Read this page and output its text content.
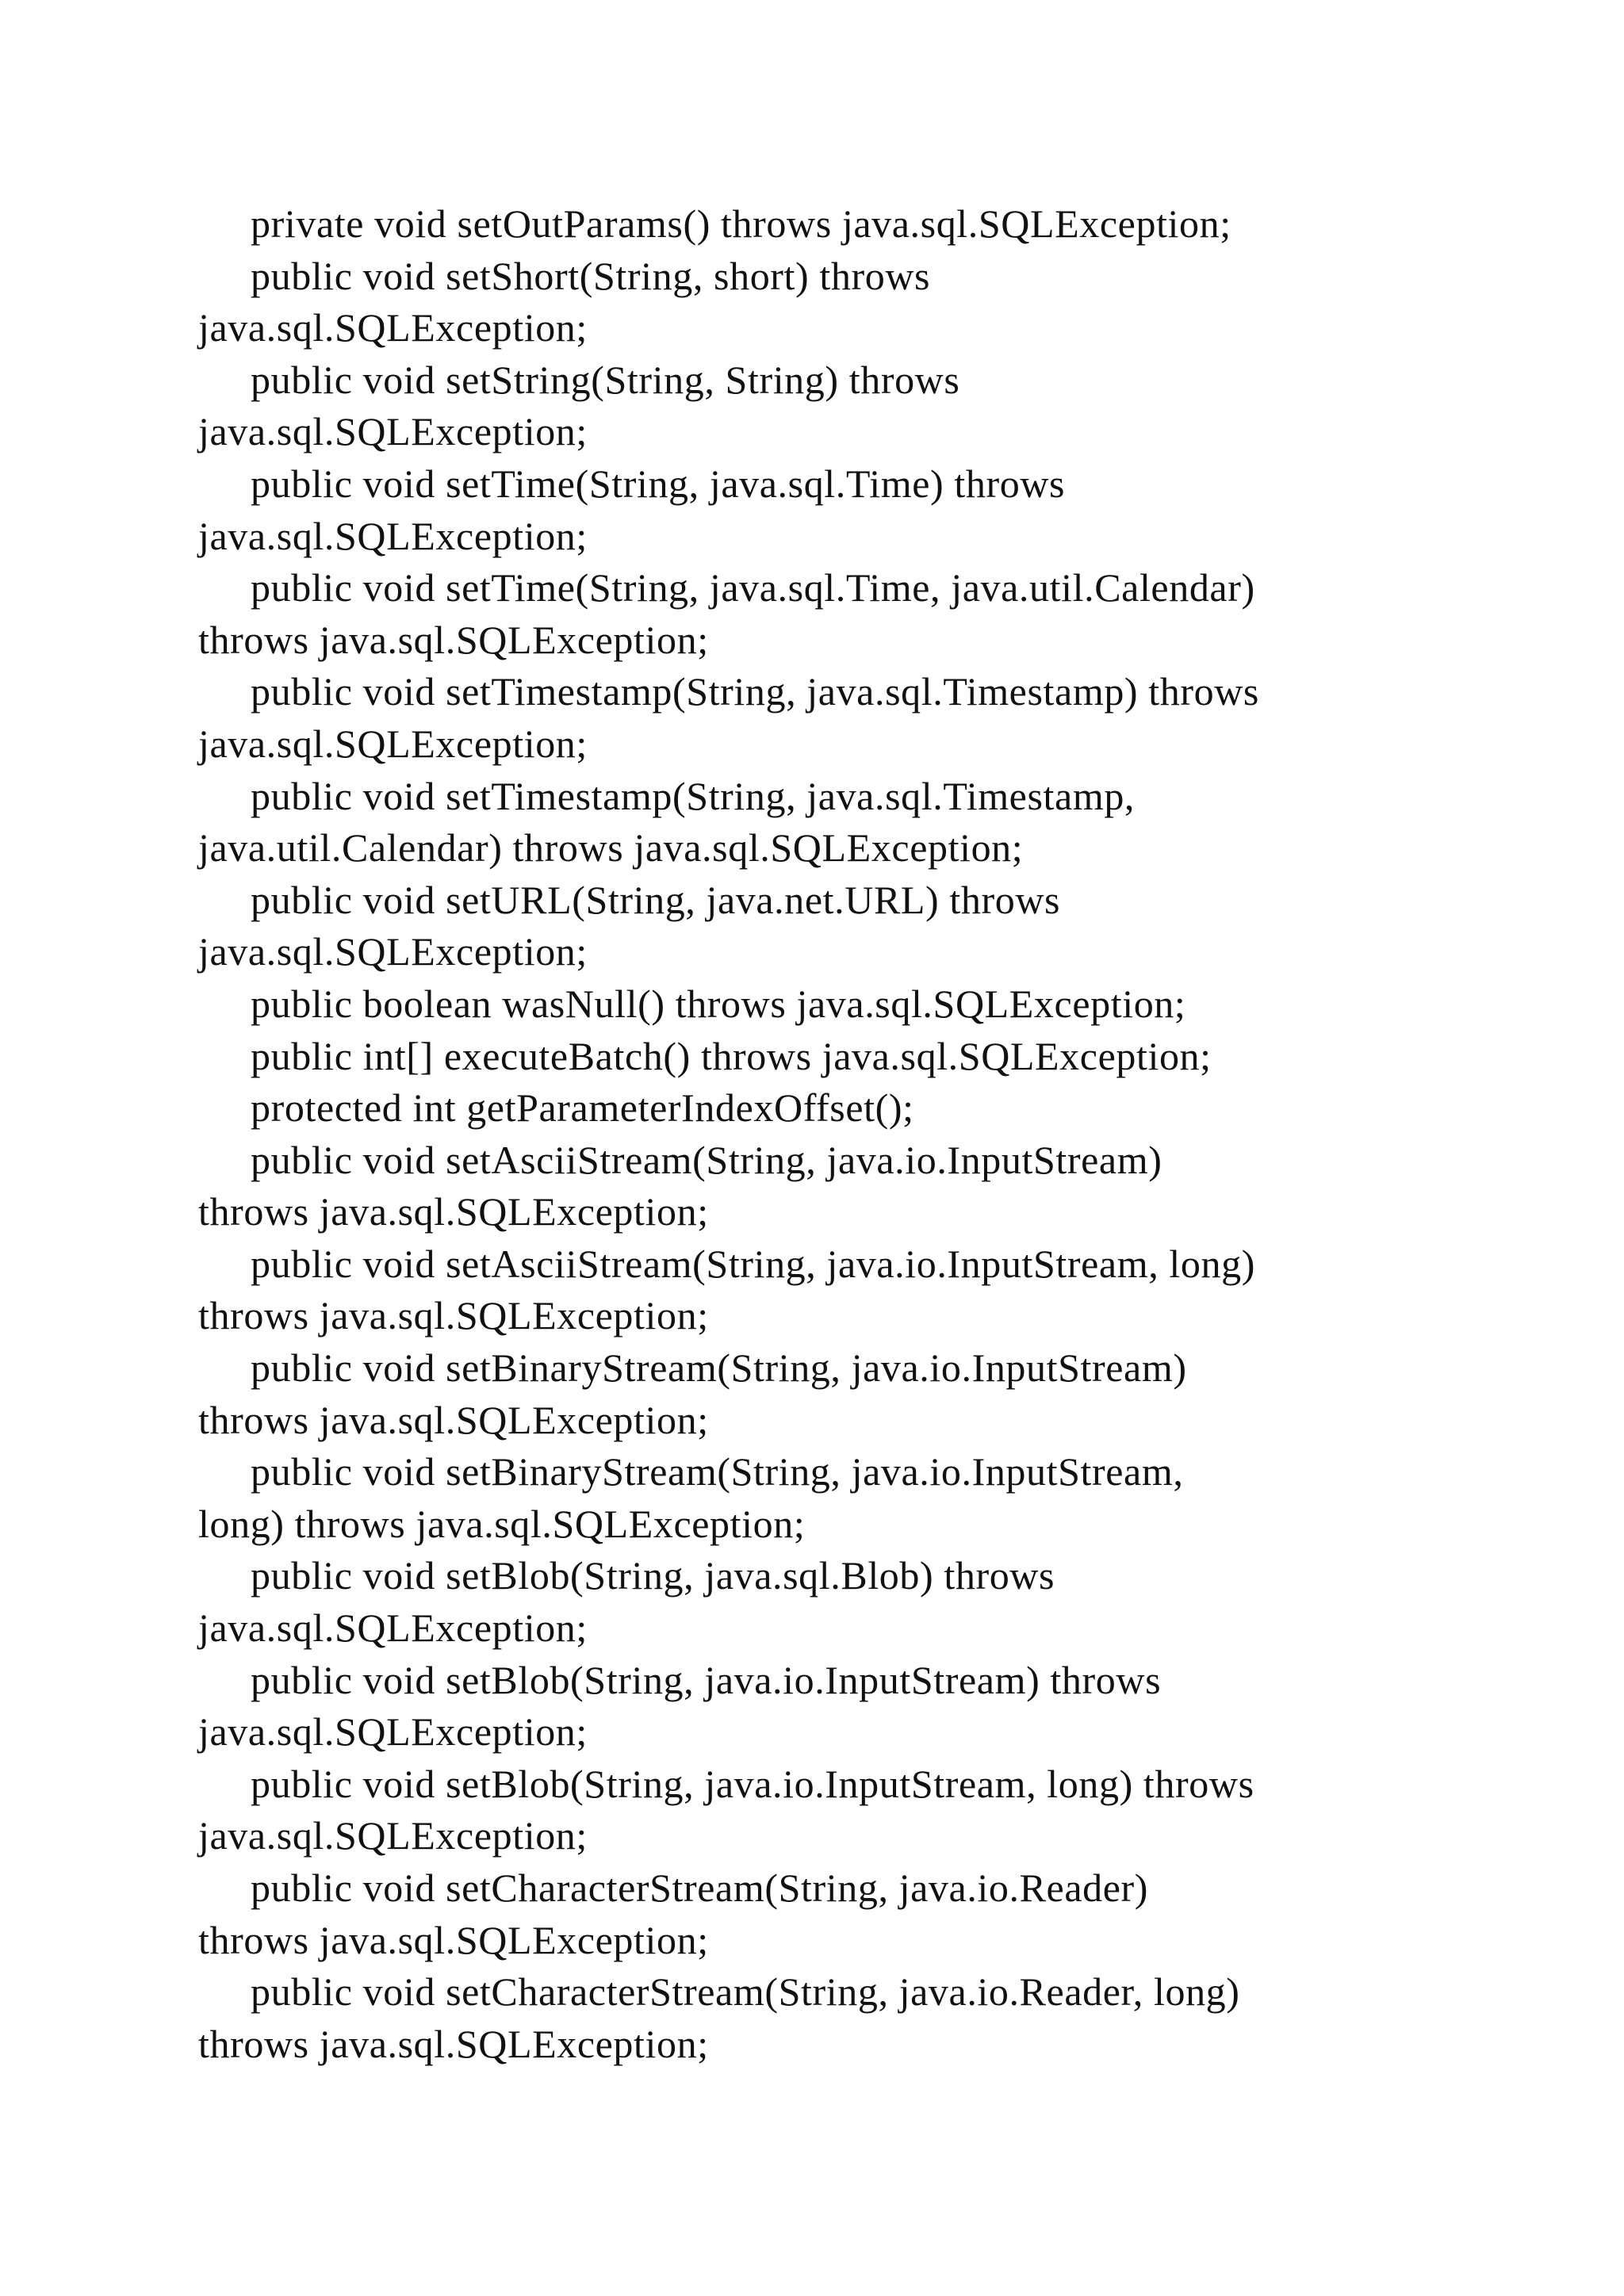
private void setOutParams() throws java.sql.SQLException;
public void setShort(String, short) throws
java.sql.SQLException;
public void setString(String, String) throws
java.sql.SQLException;
public void setTime(String, java.sql.Time) throws
java.sql.SQLException;
public void setTime(String, java.sql.Time, java.util.Calendar)
throws java.sql.SQLException;
public void setTimestamp(String, java.sql.Timestamp) throws
java.sql.SQLException;
public void setTimestamp(String, java.sql.Timestamp,
java.util.Calendar) throws java.sql.SQLException;
public void setURL(String, java.net.URL) throws
java.sql.SQLException;
public boolean wasNull() throws java.sql.SQLException;
public int[] executeBatch() throws java.sql.SQLException;
protected int getParameterIndexOffset();
public void setAsciiStream(String, java.io.InputStream)
throws java.sql.SQLException;
public void setAsciiStream(String, java.io.InputStream, long)
throws java.sql.SQLException;
public void setBinaryStream(String, java.io.InputStream)
throws java.sql.SQLException;
public void setBinaryStream(String, java.io.InputStream,
long) throws java.sql.SQLException;
public void setBlob(String, java.sql.Blob) throws
java.sql.SQLException;
public void setBlob(String, java.io.InputStream) throws
java.sql.SQLException;
public void setBlob(String, java.io.InputStream, long) throws
java.sql.SQLException;
public void setCharacterStream(String, java.io.Reader)
throws java.sql.SQLException;
public void setCharacterStream(String, java.io.Reader, long)
throws java.sql.SQLException;
